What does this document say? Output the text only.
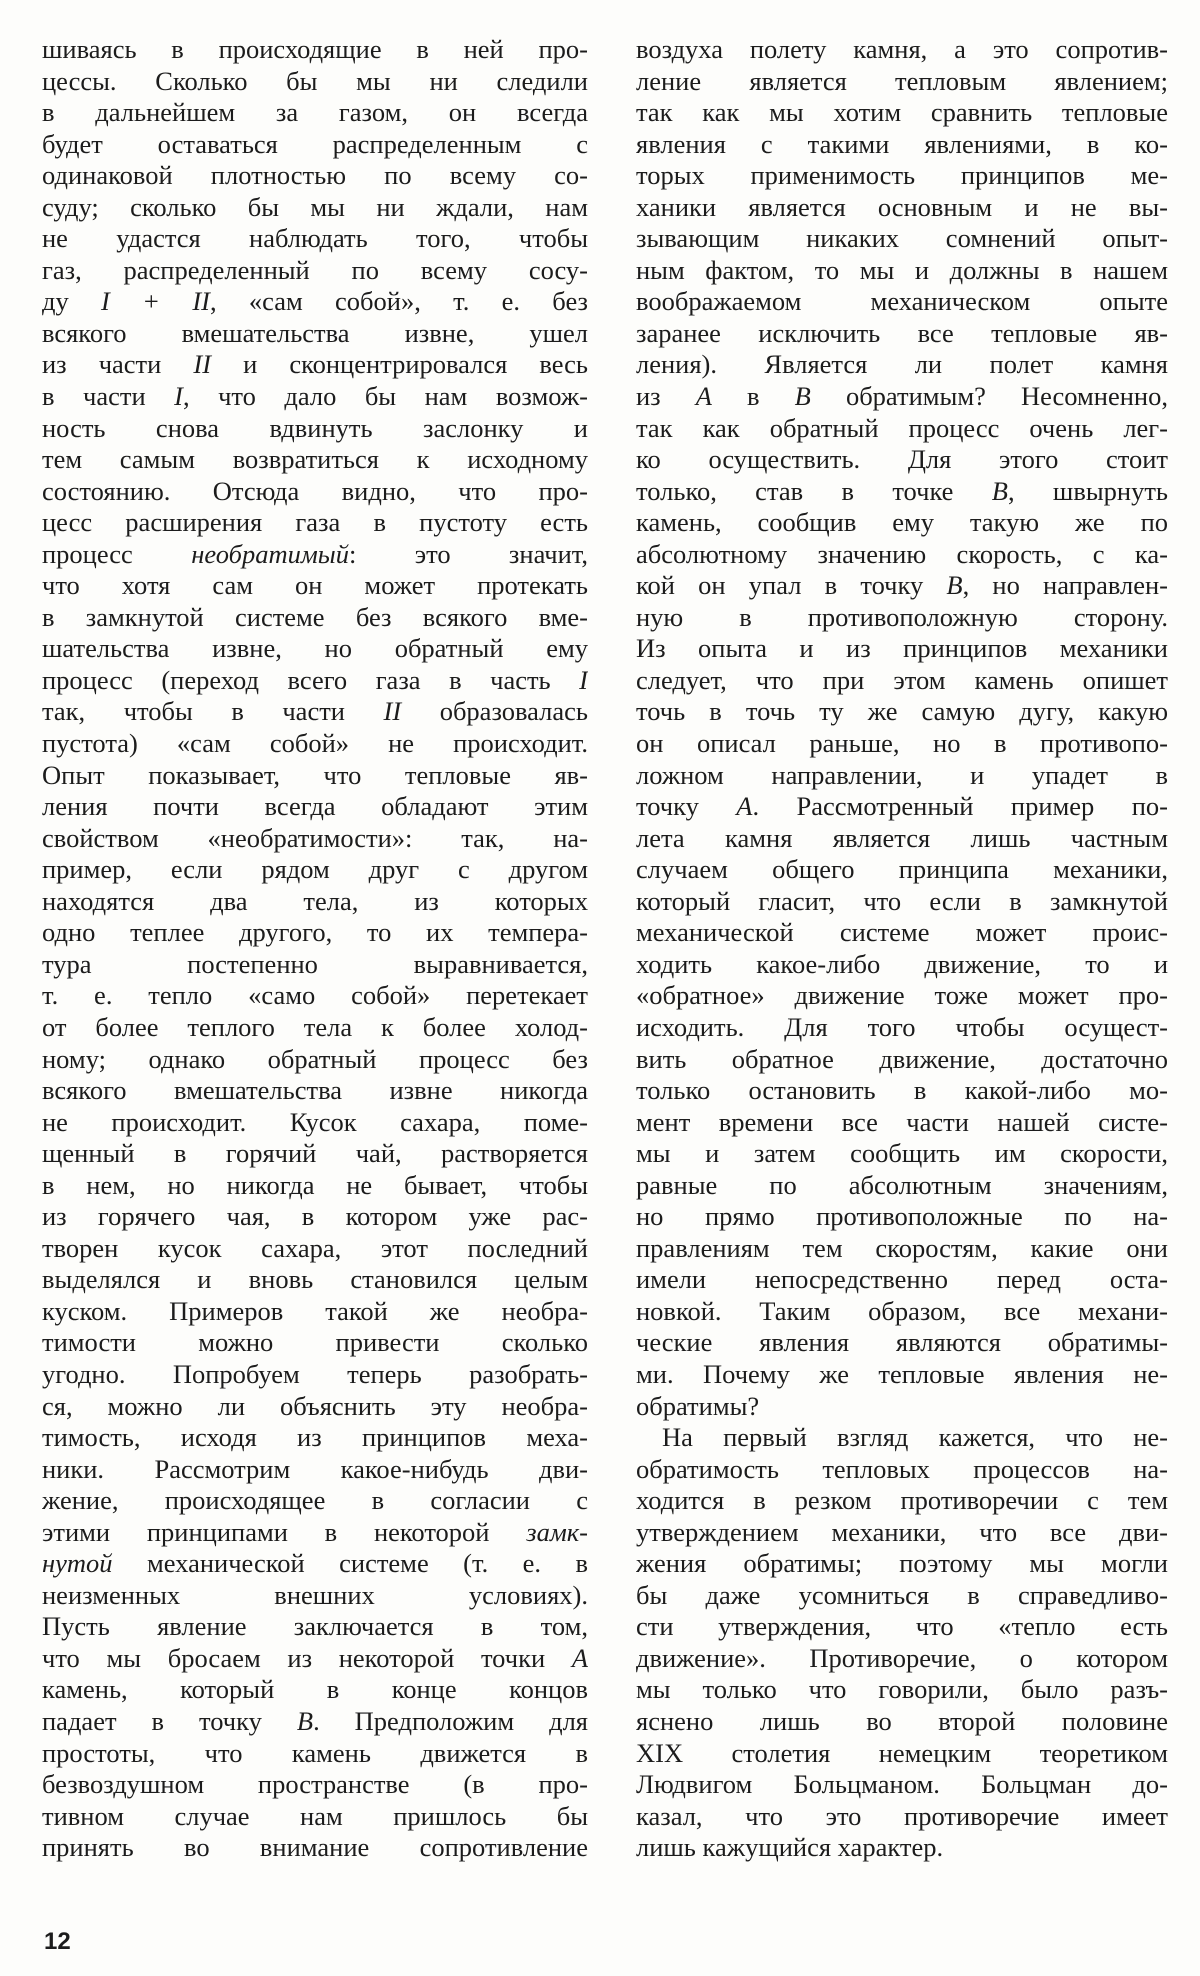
шиваясь в происходящие в ней про-
цессы. Сколько бы мы ни следили
в дальнейшем за газом, он всегда
будет оставаться распределенным с
одинаковой плотностью по всему со-
суду; сколько бы мы ни ждали, нам
не удастся наблюдать того, чтобы
газ, распределенный по всему сосу-
ду I + II, «сам собой», т. е. без
всякого вмешательства извне, ушел
из части II и сконцентрировался весь
в части I, что дало бы нам возмож-
ность снова вдвинуть заслонку и
тем самым возвратиться к исходному
состоянию. Отсюда видно, что про-
цесс расширения газа в пустоту есть
процесс необратимый: это значит,
что хотя сам он может протекать
в замкнутой системе без всякого вме-
шательства извне, но обратный ему
процесс (переход всего газа в часть I
так, чтобы в части II образовалась
пустота) «сам собой» не происходит.
Опыт показывает, что тепловые яв-
ления почти всегда обладают этим
свойством «необратимости»: так, на-
пример, если рядом друг с другом
находятся два тела, из которых
одно теплее другого, то их темпера-
тура постепенно выравнивается,
т. е. тепло «само собой» перетекает
от более теплого тела к более холод-
ному; однако обратный процесс без
всякого вмешательства извне никогда
не происходит. Кусок сахара, поме-
щенный в горячий чай, растворяется
в нем, но никогда не бывает, чтобы
из горячего чая, в котором уже рас-
творен кусок сахара, этот последний
выделялся и вновь становился целым
куском. Примеров такой же необра-
тимости можно привести сколько
угодно. Попробуем теперь разобрать-
ся, можно ли объяснить эту необра-
тимость, исходя из принципов меха-
ники. Рассмотрим какое-нибудь дви-
жение, происходящее в согласии с
этими принципами в некоторой замк-
нутой механической системе (т. е. в
неизменных внешних условиях).
Пусть явление заключается в том,
что мы бросаем из некоторой точки A
камень, который в конце концов
падает в точку B. Предположим для
простоты, что камень движется в
безвоздушном пространстве (в про-
тивном случае нам пришлось бы
принять во внимание сопротивление
воздуха полету камня, а это сопротив-
ление является тепловым явлением;
так как мы хотим сравнить тепловые
явления с такими явлениями, в ко-
торых применимость принципов ме-
ханики является основным и не вы-
зывающим никаких сомнений опыт-
ным фактом, то мы и должны в нашем
воображаемом механическом опыте
заранее исключить все тепловые яв-
ления). Является ли полет камня
из A в B обратимым? Несомненно,
так как обратный процесс очень лег-
ко осуществить. Для этого стоит
только, став в точке B, швырнуть
камень, сообщив ему такую же по
абсолютному значению скорость, с ка-
кой он упал в точку B, но направлен-
ную в противоположную сторону.
Из опыта и из принципов механики
следует, что при этом камень опишет
точь в точь ту же самую дугу, какую
он описал раньше, но в противопо-
ложном направлении, и упадет в
точку A. Рассмотренный пример по-
лета камня является лишь частным
случаем общего принципа механики,
который гласит, что если в замкнутой
механической системе может проис-
ходить какое-либо движение, то и
«обратное» движение тоже может про-
исходить. Для того чтобы осущест-
вить обратное движение, достаточно
только остановить в какой-либо мо-
мент времени все части нашей систе-
мы и затем сообщить им скорости,
равные по абсолютным значениям,
но прямо противоположные по на-
правлениям тем скоростям, какие они
имели непосредственно перед оста-
новкой. Таким образом, все механи-
ческие явления являются обратимы-
ми. Почему же тепловые явления не-
обратимы?
На первый взгляд кажется, что не-
обратимость тепловых процессов на-
ходится в резком противоречии с тем
утверждением механики, что все дви-
жения обратимы; поэтому мы могли
бы даже усомниться в справедливо-
сти утверждения, что «тепло есть
движение». Противоречие, о котором
мы только что говорили, было разъ-
яснено лишь во второй половине
XIX столетия немецким теоретиком
Людвигом Больцманом. Больцман до-
казал, что это противоречие имеет
лишь кажущийся характер.
12
